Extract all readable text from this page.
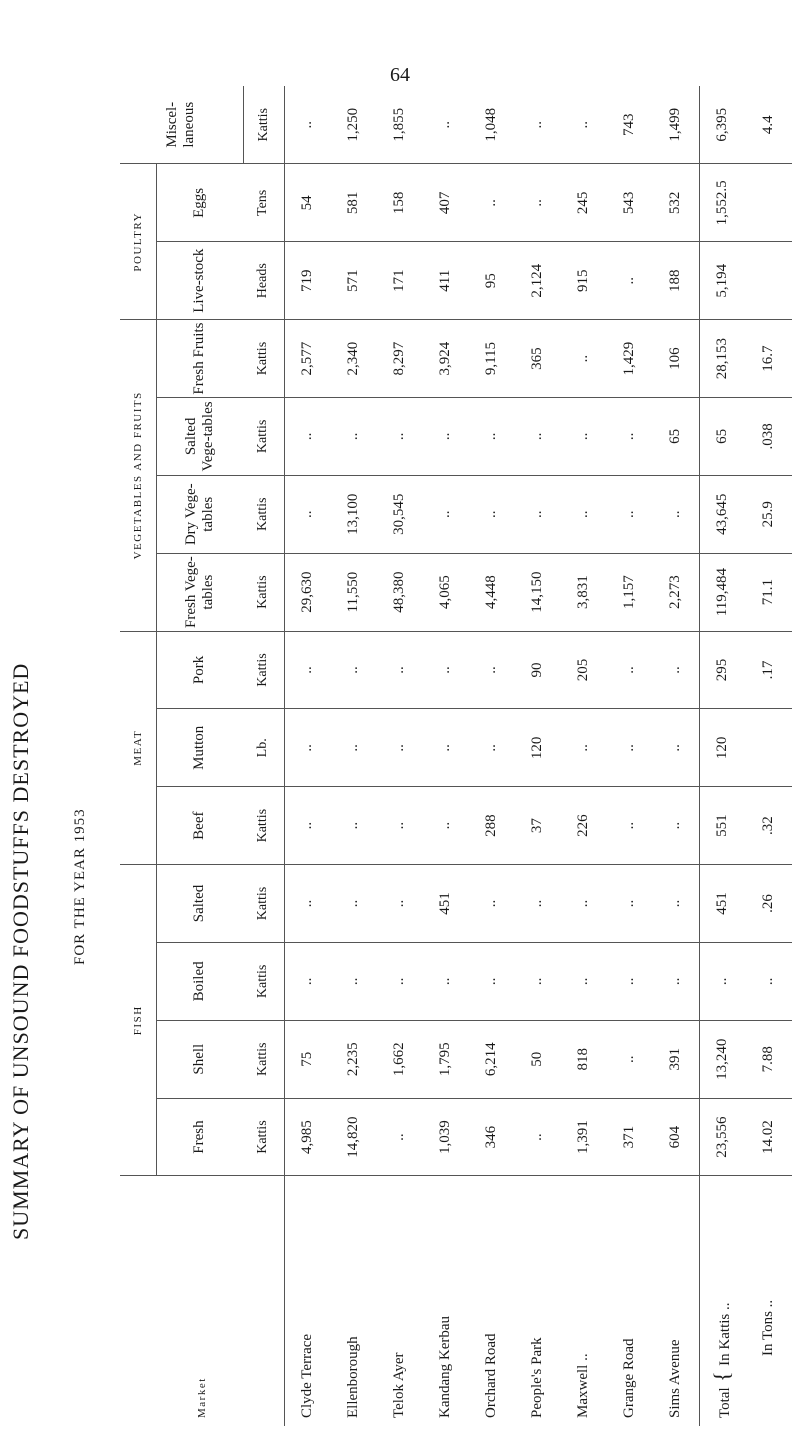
64
SUMMARY OF UNSOUND FOODSTUFFS DESTROYED	FOR THE YEAR 1953
Market	FISH				MEAT			VEGETABLES AND FRUITS				POULTRY		Miscel-laneous
	Fresh	Shell	Boiled	Salted	Beef	Mutton	Pork	Fresh Vege-tables	Dry Vege-tables	Salted Vege-tables	Fresh Fruits	Live-stock	Eggs	
	Kattis	Kattis	Kattis	Kattis	Kattis	Lb.	Kattis	Kattis	Kattis	Kattis	Kattis	Heads	Tens	Kattis
Clyde Terrace	4,985	75	..	..	..	..	..	29,630	..	..	2,577	719	54	..
Ellenborough	14,820	2,235	..	..	..	..	..	11,550	13,100	..	2,340	571	581	1,250
Telok Ayer	..	1,662	..	..	..	..	..	48,380	30,545	..	8,297	171	158	1,855
Kandang Kerbau	1,039	1,795	..	451	..	..	..	4,065	..	..	3,924	411	407	..
Orchard Road	346	6,214	..	..	288	..	..	4,448	..	..	9,115	95	..	1,048
People's Park	..	50	..	..	37	120	90	14,150	..	..	365	2,124	..	..
Maxwell ..	1,391	818	..	..	226	..	205	3,831	..	..	..	915	245	..
Grange Road	371	..	..	..	..	..	..	1,157	..	..	1,429	..	543	743
Sims Avenue	604	391	..	..	..	..	..	2,273	..	65	106	188	532	1,499
Total { In Kattis ..	23,556	13,240	..	451	551	120	295	119,484	43,645	65	28,153	5,194	1,552.5	6,395
In Tons ..	14.02	7.88	..	.26	.32		.17	71.1	25.9	.038	16.7			4.4
